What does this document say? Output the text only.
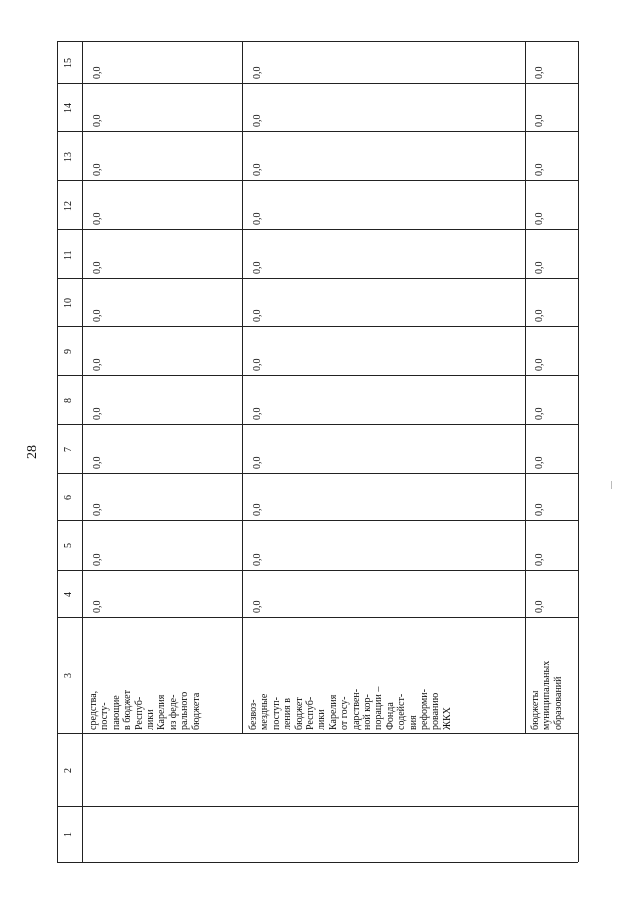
28
1
2
3
4
5
6
7
8
9
10
11
12
13
14
15
средства, посту- пающие в бюджет Респуб- лики Карелия из феде- рального бюджета
0,0
0,0
0,0
0,0
0,0
0,0
0,0
0,0
0,0
0,0
0,0
0,0
безвоз- мездные поступ- ления в бюджет Респуб- лики Карелия от госу- дарствен- ной кор- порации – Фонда содейст- вия реформи- рованию ЖКХ
0,0
0,0
0,0
0,0
0,0
0,0
0,0
0,0
0,0
0,0
0,0
0,0
бюджеты муниципальных образований
0,0
0,0
0,0
0,0
0,0
0,0
0,0
0,0
0,0
0,0
0,0
0,0
